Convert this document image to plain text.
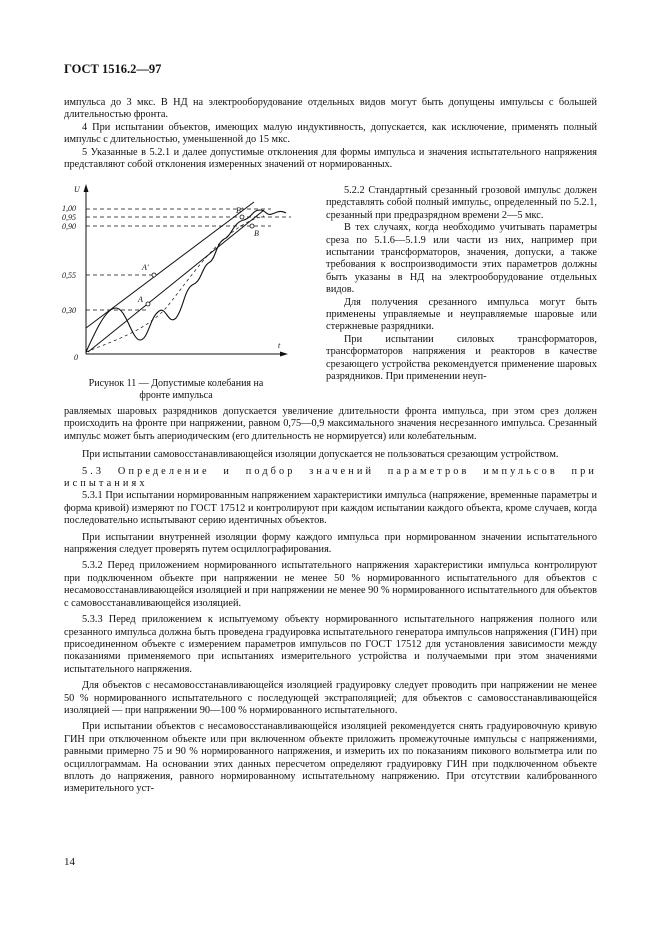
ГОСТ 1516.2—97

импульса до 3 мкс. В НД на электрооборудование отдельных видов могут быть допущены импульсы с большей длительностью фронта.

4 При испытании объектов, имеющих малую индуктивность, допускается, как исключение, применять полный импульс с длительностью, уменьшенной до 15 мкс.

5 Указанные в 5.2.1 и далее допустимые отклонения для формы импульса и значения испытательного напряжения представляют собой отклонения измеренных значений от нормированных.

U
t
0
1,00
0,95
0,90
0,55
0,30
A
A'
B
B'
Рисунок 11 — Допустимые колебания на фронте импульса

5.2.2 Стандартный срезанный грозовой импульс должен представлять собой полный импульс, определенный по 5.2.1, срезанный при предразрядном времени 2—5 мкс.

В тех случаях, когда необходимо учитывать параметры среза по 5.1.6—5.1.9 или части из них, например при испытании трансформаторов, значения, допуски, а также требования к воспроизводимости этих параметров должны быть указаны в НД на электрооборудование отдельных видов.

Для получения срезанного импульса могут быть применены управляемые и неуправляемые шаровые или стержневые разрядники.

При испытании силовых трансформаторов, трансформаторов напряжения и реакторов в качестве срезающего устройства рекомендуется применение шаровых разрядников. При применении неуп-

равляемых шаровых разрядников допускается увеличение длительности фронта импульса, при этом срез должен происходить на фронте при напряжении, равном 0,75—0,9 максимального значения несрезанного импульса. Срезанный импульс может быть апериодическим (его длительность не нормируется) или колебательным.

При испытании самовосстанавливающейся изоляции допускается не пользоваться срезающим устройством.

5.3 Определение и подбор значений параметров импульсов при испытаниях

5.3.1 При испытании нормированным напряжением характеристики импульса (напряжение, временные параметры и форма кривой) измеряют по ГОСТ 17512 и контролируют при каждом испытании каждого объекта, кроме случаев, когда последовательно испытывают серию идентичных объектов.

При испытании внутренней изоляции форму каждого импульса при нормированном значении испытательного напряжения следует проверять путем осциллографирования.

5.3.2 Перед приложением нормированного испытательного напряжения характеристики импульса контролируют при подключенном объекте при напряжении не менее 50 % нормированного испытательного для объектов с несамовосстанавливающейся изоляцией и при напряжении не менее 90 % нормированного испытательного для объектов с самовосстанавливающейся изоляцией.

5.3.3 Перед приложением к испытуемому объекту нормированного испытательного напряжения полного или срезанного импульса должна быть проведена градуировка испытательного генератора импульсов напряжения (ГИН) при присоединенном объекте с измерением параметров импульсов по ГОСТ 17512 для установления зависимости между показаниями применяемого при испытаниях измерительного устройства и получаемыми при этом значениями испытательного напряжения.

Для объектов с несамовосстанавливающейся изоляцией градуировку следует проводить при напряжении не менее 50 % нормированного испытательного с последующей экстраполяцией; для объектов с самовосстанавливающейся изоляцией — при напряжении 90—100 % нормированного испытательного.

При испытании объектов с несамовосстанавливающейся изоляцией рекомендуется снять градуировочную кривую ГИН при отключенном объекте или при включенном объекте приложить промежуточные импульсы с напряжениями, равными примерно 75 и 90 % нормированного напряжения, и измерить их по показаниям пикового вольтметра или по осциллограммам. На основании этих данных пересчетом определяют градуировку ГИН при подключенном объекте вплоть до напряжения, равного нормированному испытательному напряжению. При отсутствии калиброванного измерительного уст-

14
